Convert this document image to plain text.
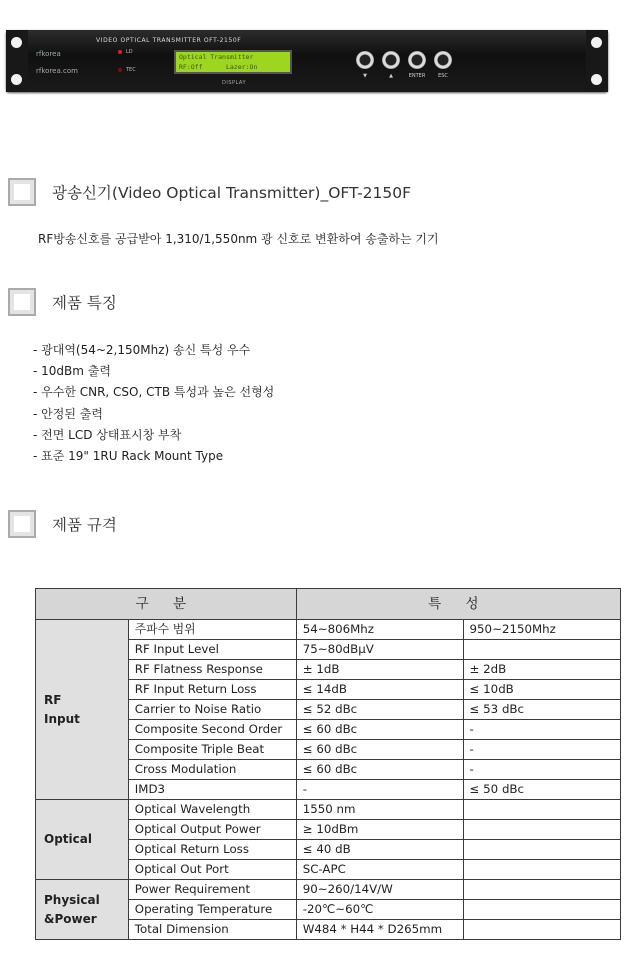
VIDEO OPTICAL TRANSMITTER OFT-2150F
rfkorea
rfkorea.com
LD
TEC
Optical Transmitter
RF:Off      Lazer:On
DISPLAY
▼	▲	ENTER	ESC
광송신기(Video Optical Transmitter)_OFT-2150F
RF방송신호를 공급받아 1,310/1,550nm 광 신호로 변환하여 송출하는 기기
제품 특징
- 광대역(54~2,150Mhz) 송신 특성 우수
- 10dBm 출력
- 우수한 CNR, CSO, CTB 특성과 높은 선형성
- 안정된 출력
- 전면 LCD 상태표시창 부착
- 표준 19" 1RU Rack Mount Type
제품 규격
구 분		특 성	

RF
Input	주파수 범위	54~806Mhz	950~2150Mhz
	RF Input Level	75~80dBμV	
	RF Flatness Response	± 1dB	± 2dB
	RF Input Return Loss	≤ 14dB	≤ 10dB
	Carrier to Noise Ratio	≤ 52 dBc	≤ 53 dBc
	Composite Second Order	≤ 60 dBc	-
	Composite Triple Beat	≤ 60 dBc	-
	Cross Modulation	≤ 60 dBc	-
	IMD3	-	≤ 50 dBc

Optical	Optical Wavelength	1550 nm	
	Optical Output Power	≥ 10dBm	
	Optical Return Loss	≤ 40 dB	
	Optical Out Port	SC-APC	

Physical
&Power	Power Requirement	90~260/14V/W	
	Operating Temperature	-20℃~60℃	
	Total Dimension	W484 * H44 * D265mm	
